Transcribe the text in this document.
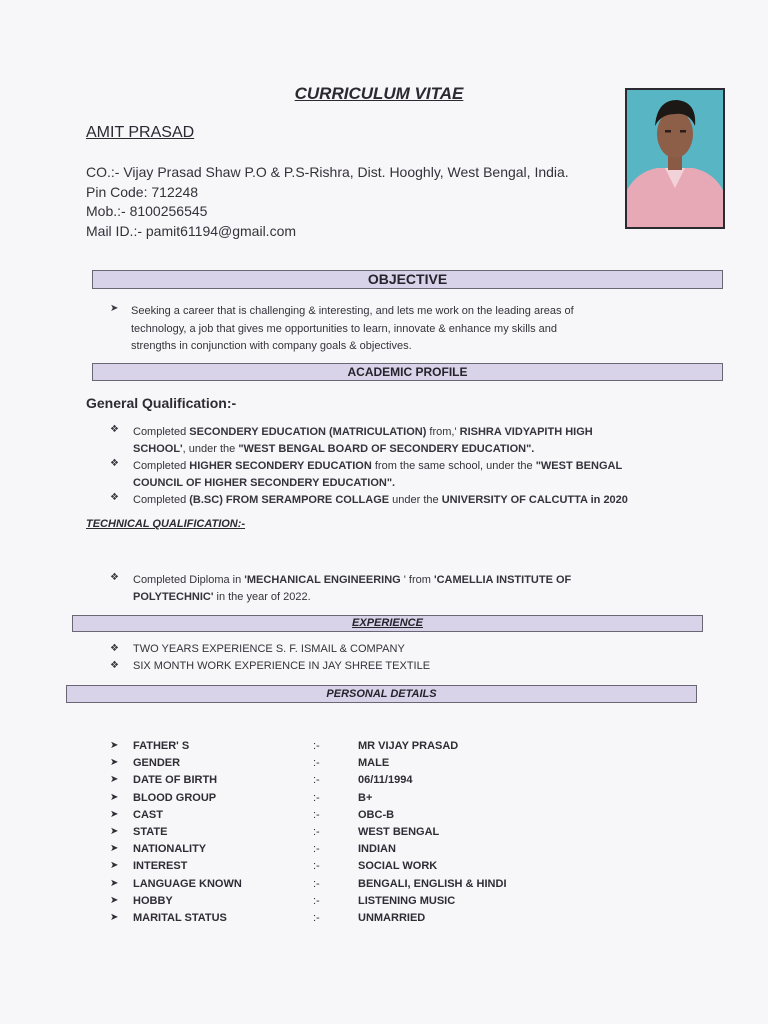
CURRICULUM VITAE
AMIT PRASAD
CO.:- Vijay Prasad Shaw P.O & P.S-Rishra, Dist. Hooghly, West Bengal, India.
Pin Code: 712248
Mob.:- 8100256545
Mail ID.:- pamit61194@gmail.com
OBJECTIVE
➤ Seeking a career that is challenging & interesting, and lets me work on the leading areas of
technology, a job that gives me opportunities to learn, innovate & enhance my skills and
strengths in conjunction with company goals & objectives.
ACADEMIC PROFILE
General Qualification:-
❖ Completed SECONDERY EDUCATION (MATRICULATION) from,' RISHRA VIDYAPITH HIGH
SCHOOL', under the "WEST BENGAL BOARD OF SECONDERY EDUCATION".
❖ Completed HIGHER SECONDERY EDUCATION from the same school, under the "WEST BENGAL
COUNCIL OF HIGHER SECONDERY EDUCATION".
❖ Completed (B.SC) FROM SERAMPORE COLLAGE under the UNIVERSITY OF CALCUTTA in 2020
TECHNICAL QUALIFICATION:-
❖ Completed Diploma in 'MECHANICAL ENGINEERING ' from 'CAMELLIA INSTITUTE OF
POLYTECHNIC' in the year of 2022.
EXPERIENCE
❖ TWO YEARS EXPERIENCE S. F. ISMAIL & COMPANY
❖ SIX MONTH WORK EXPERIENCE IN JAY SHREE TEXTILE
PERSONAL DETAILS
➤ FATHER' S	:-	MR VIJAY PRASAD
➤ GENDER	:-	MALE
➤ DATE OF BIRTH	:-	06/11/1994
➤ BLOOD GROUP	:-	B+
➤ CAST	:-	OBC-B
➤ STATE	:-	WEST BENGAL
➤ NATIONALITY	:-	INDIAN
➤ INTEREST	:-	SOCIAL WORK
➤ LANGUAGE KNOWN	:-	BENGALI, ENGLISH & HINDI
➤ HOBBY	:-	LISTENING MUSIC
➤ MARITAL STATUS	:-	UNMARRIED
